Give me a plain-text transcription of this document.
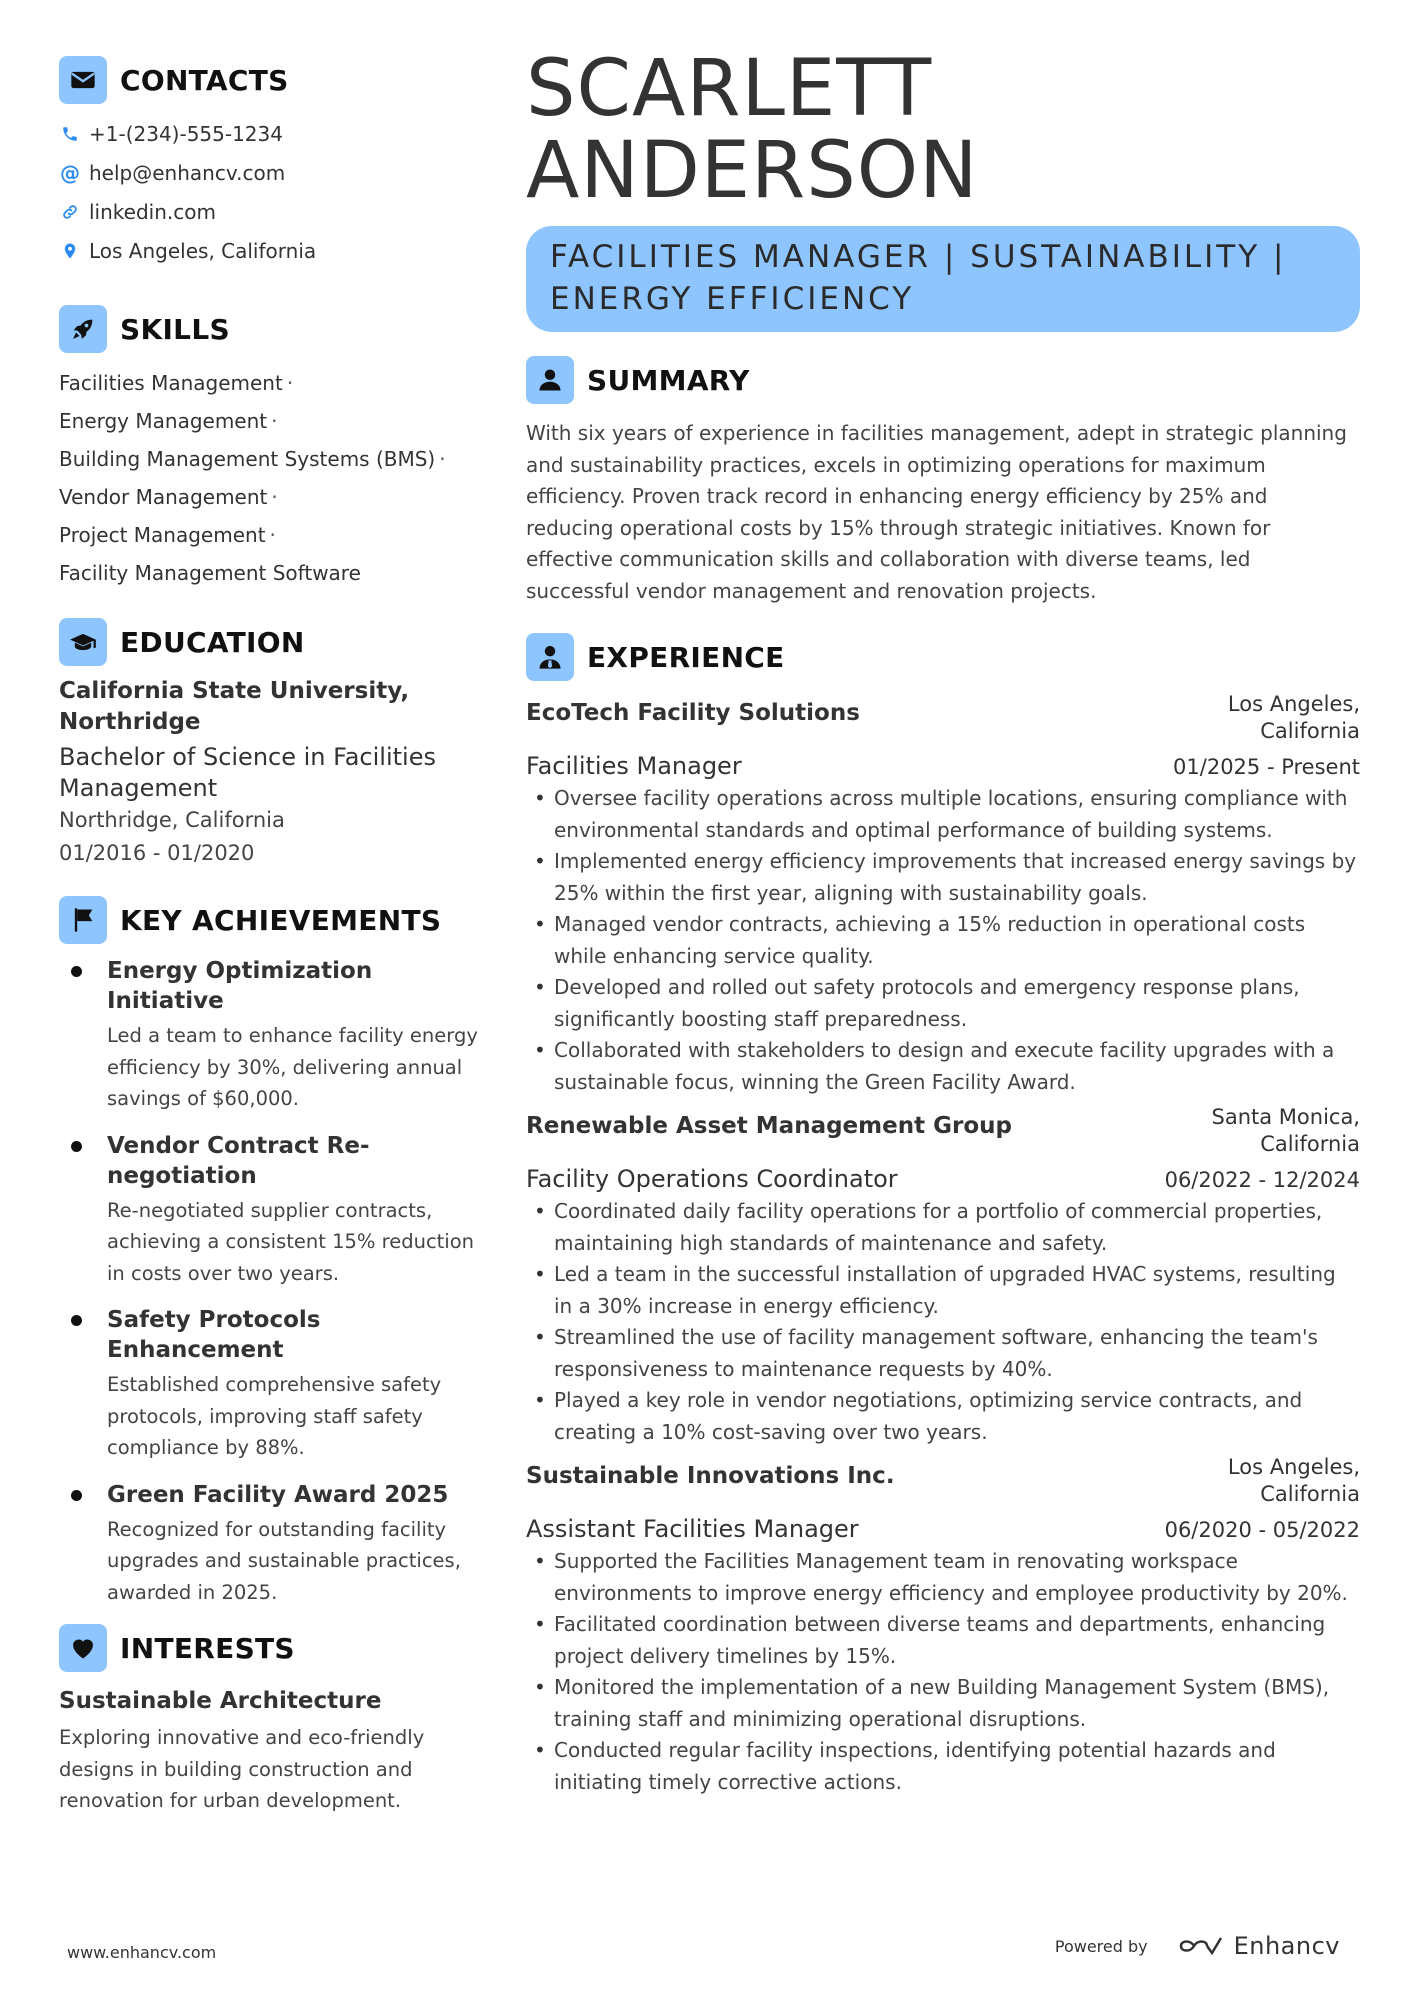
CONTACTS
+1-(234)-555-1234
@ help@enhancv.com
linkedin.com
Los Angeles, California
SKILLS
Facilities Management ·
Energy Management ·
Building Management Systems (BMS) ·
Vendor Management ·
Project Management ·
Facility Management Software
EDUCATION
California State University, Northridge
Bachelor of Science in Facilities Management
Northridge, California
01/2016 - 01/2020
KEY ACHIEVEMENTS
Energy Optimization Initiative
Led a team to enhance facility energy efficiency by 30%, delivering annual savings of $60,000.
Vendor Contract Re-negotiation
Re-negotiated supplier contracts, achieving a consistent 15% reduction in costs over two years.
Safety Protocols Enhancement
Established comprehensive safety protocols, improving staff safety compliance by 88%.
Green Facility Award 2025
Recognized for outstanding facility upgrades and sustainable practices, awarded in 2025.
INTERESTS
Sustainable Architecture
Exploring innovative and eco-friendly designs in building construction and renovation for urban development.
SCARLETT
ANDERSON
FACILITIES MANAGER | SUSTAINABILITY | ENERGY EFFICIENCY
SUMMARY
With six years of experience in facilities management, adept in strategic planning and sustainability practices, excels in optimizing operations for maximum efficiency. Proven track record in enhancing energy efficiency by 25% and reducing operational costs by 15% through strategic initiatives. Known for effective communication skills and collaboration with diverse teams, led successful vendor management and renovation projects.
EXPERIENCE
EcoTech Facility Solutions	Los Angeles, California
Facilities Manager	01/2025 - Present
• Oversee facility operations across multiple locations, ensuring compliance with environmental standards and optimal performance of building systems.
• Implemented energy efficiency improvements that increased energy savings by 25% within the first year, aligning with sustainability goals.
• Managed vendor contracts, achieving a 15% reduction in operational costs while enhancing service quality.
• Developed and rolled out safety protocols and emergency response plans, significantly boosting staff preparedness.
• Collaborated with stakeholders to design and execute facility upgrades with a sustainable focus, winning the Green Facility Award.
Renewable Asset Management Group	Santa Monica, California
Facility Operations Coordinator	06/2022 - 12/2024
• Coordinated daily facility operations for a portfolio of commercial properties, maintaining high standards of maintenance and safety.
• Led a team in the successful installation of upgraded HVAC systems, resulting in a 30% increase in energy efficiency.
• Streamlined the use of facility management software, enhancing the team's responsiveness to maintenance requests by 40%.
• Played a key role in vendor negotiations, optimizing service contracts, and creating a 10% cost-saving over two years.
Sustainable Innovations Inc.	Los Angeles, California
Assistant Facilities Manager	06/2020 - 05/2022
• Supported the Facilities Management team in renovating workspace environments to improve energy efficiency and employee productivity by 20%.
• Facilitated coordination between diverse teams and departments, enhancing project delivery timelines by 15%.
• Monitored the implementation of a new Building Management System (BMS), training staff and minimizing operational disruptions.
• Conducted regular facility inspections, identifying potential hazards and initiating timely corrective actions.
www.enhancv.com	Powered by	Enhancv
